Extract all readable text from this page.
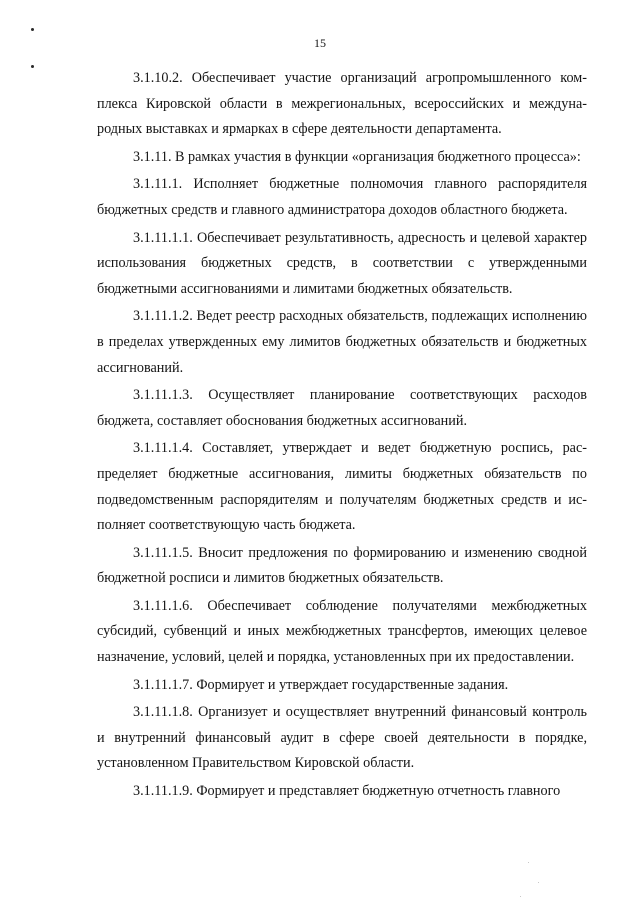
15

3.1.10.2. Обеспечивает участие организаций агропромышленного комплекса Кировской области в межрегиональных, всероссийских и международных выставках и ярмарках в сфере деятельности департамента.

3.1.11. В рамках участия в функции «организация бюджетного процесса»:

3.1.11.1. Исполняет бюджетные полномочия главного распорядителя бюджетных средств и главного администратора доходов областного бюджета.

3.1.11.1.1. Обеспечивает результативность, адресность и целевой характер использования бюджетных средств, в соответствии с утвержденными бюджетными ассигнованиями и лимитами бюджетных обязательств.

3.1.11.1.2. Ведет реестр расходных обязательств, подлежащих исполнению в пределах утвержденных ему лимитов бюджетных обязательств и бюджетных ассигнований.

3.1.11.1.3. Осуществляет планирование соответствующих расходов бюджета, составляет обоснования бюджетных ассигнований.

3.1.11.1.4. Составляет, утверждает и ведет бюджетную роспись, распределяет бюджетные ассигнования, лимиты бюджетных обязательств по подведомственным распорядителям и получателям бюджетных средств и исполняет соответствующую часть бюджета.

3.1.11.1.5. Вносит предложения по формированию и изменению сводной бюджетной росписи и лимитов бюджетных обязательств.

3.1.11.1.6. Обеспечивает соблюдение получателями межбюджетных субсидий, субвенций и иных межбюджетных трансфертов, имеющих целевое назначение, условий, целей и порядка, установленных при их предоставлении.

3.1.11.1.7. Формирует и утверждает государственные задания.

3.1.11.1.8. Организует и осуществляет внутренний финансовый контроль и внутренний финансовый аудит в сфере своей деятельности в порядке, установленном Правительством Кировской области.

3.1.11.1.9. Формирует и представляет бюджетную отчетность главного
